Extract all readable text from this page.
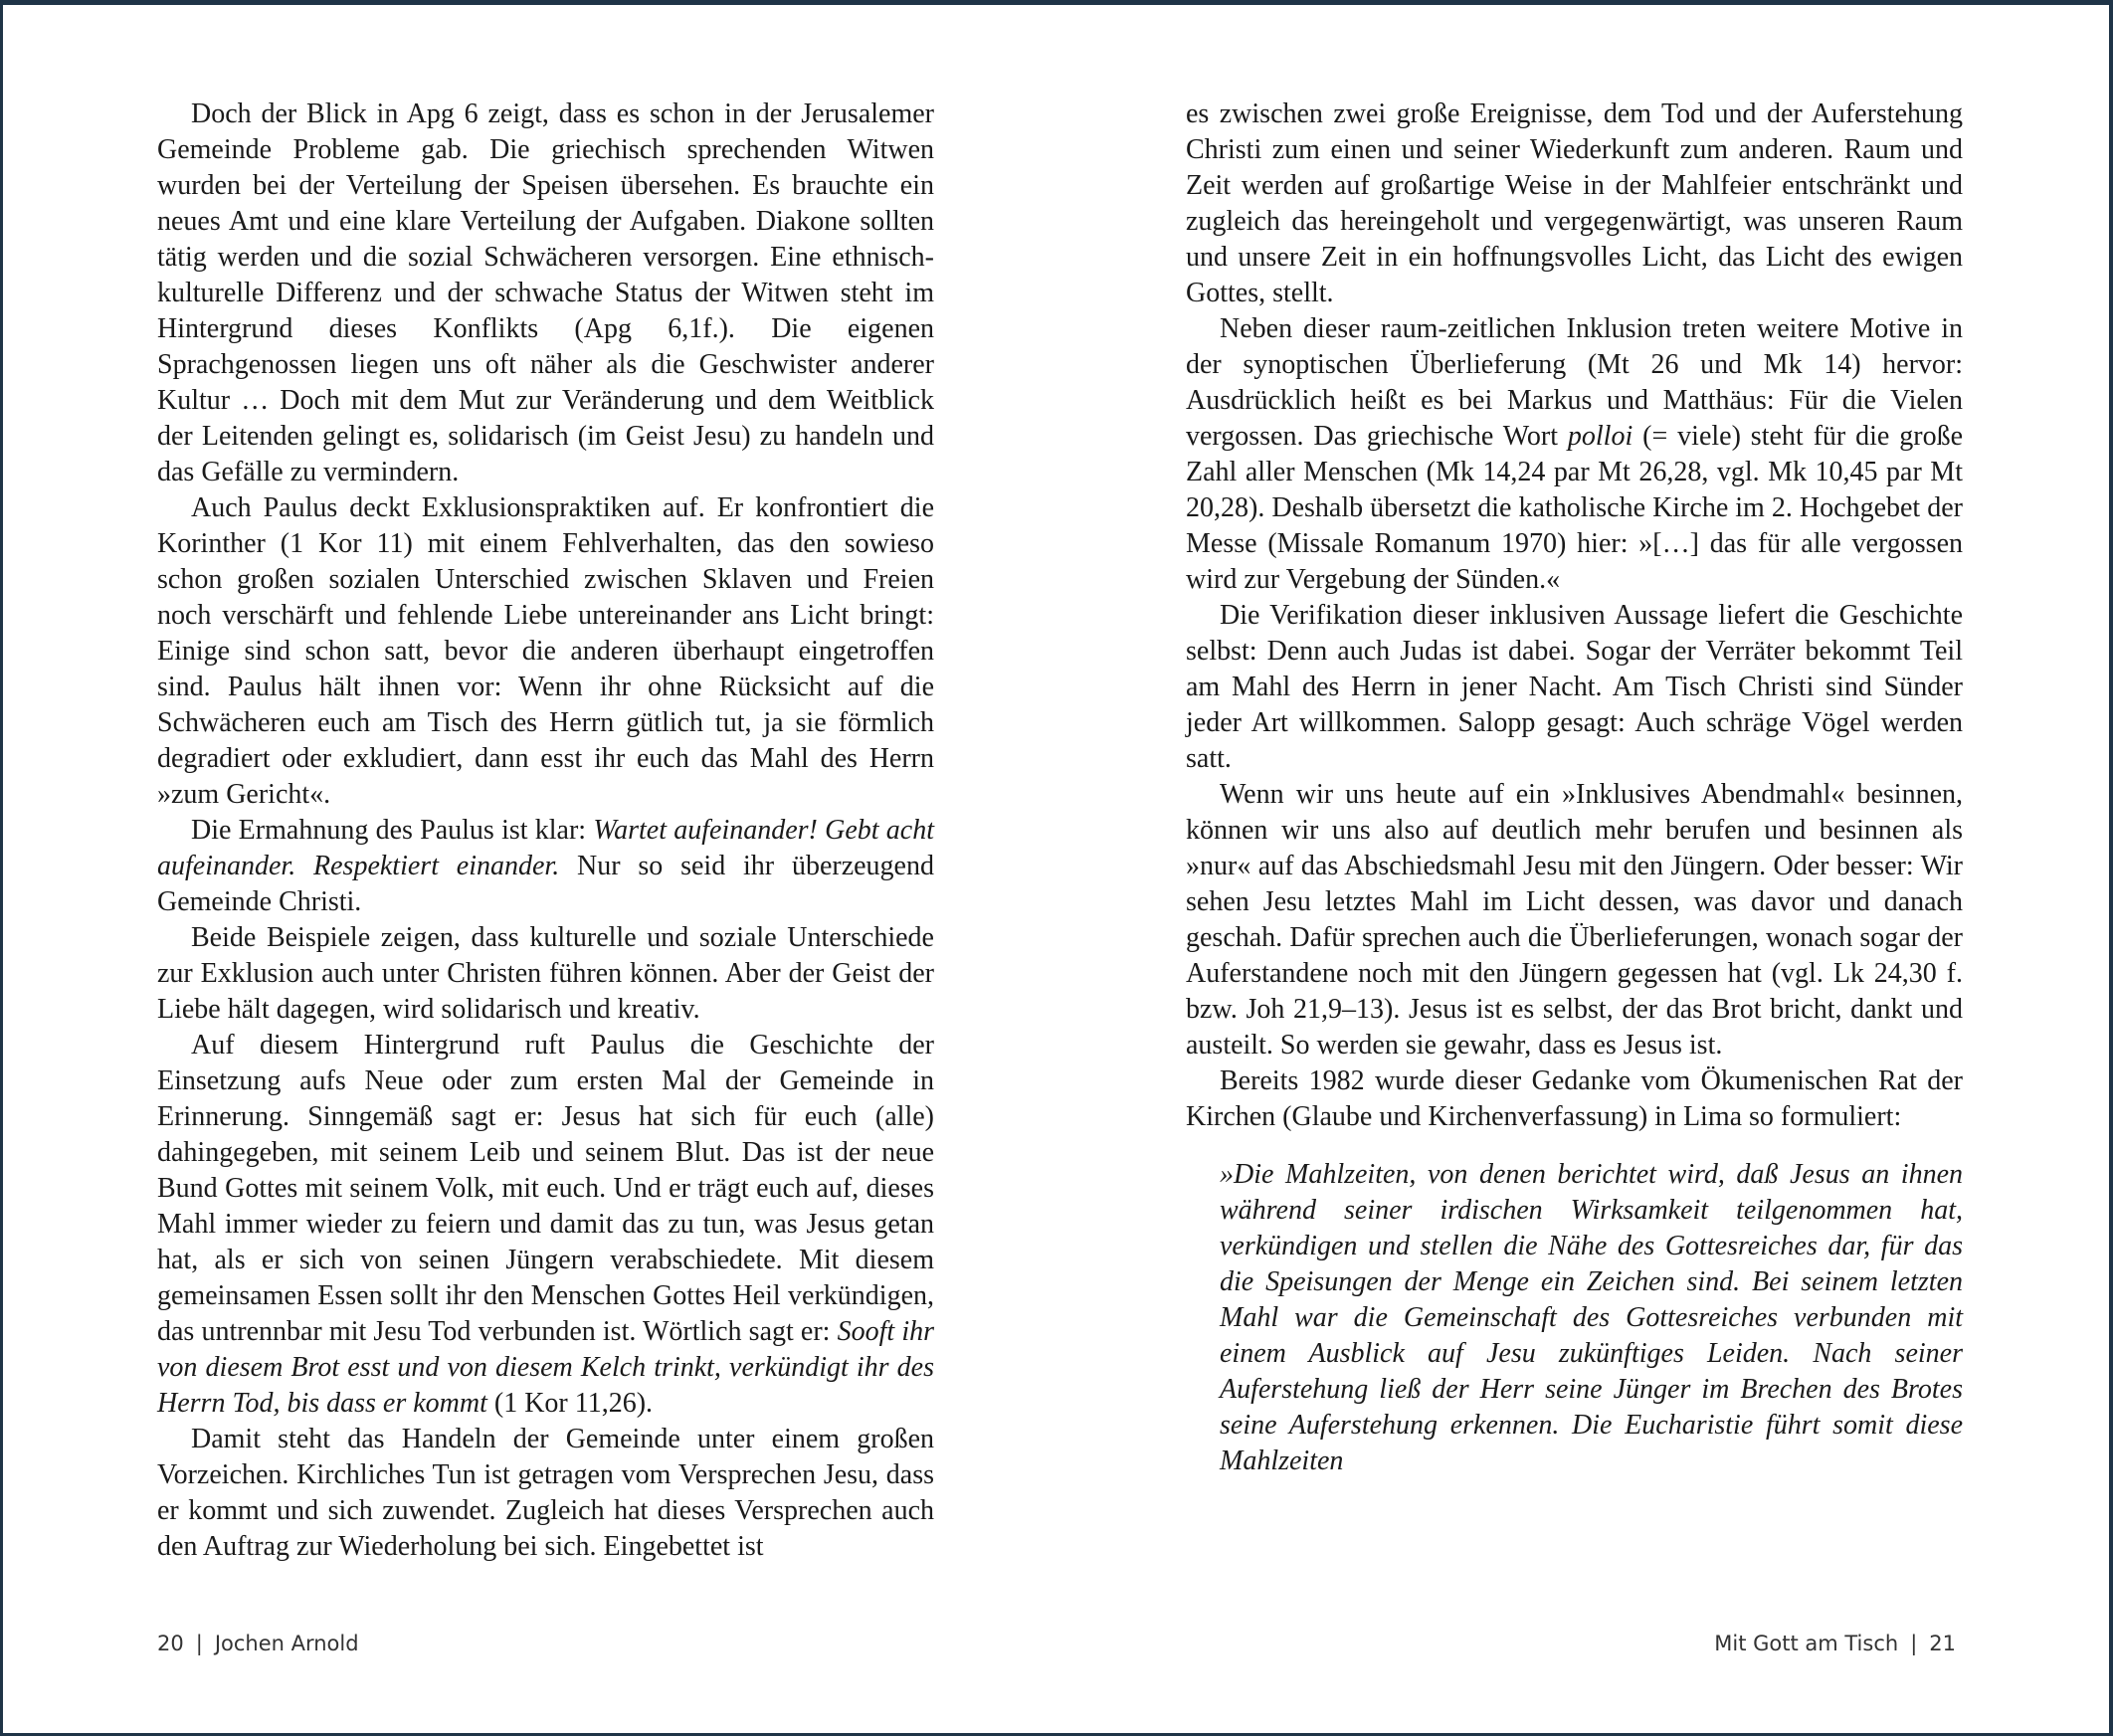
Doch der Blick in Apg 6 zeigt, dass es schon in der Jerusalemer Gemeinde Probleme gab. Die griechisch sprechenden Witwen wurden bei der Verteilung der Speisen übersehen. Es brauchte ein neues Amt und eine klare Verteilung der Aufgaben. Diakone sollten tätig werden und die sozial Schwächeren versorgen. Eine ethnisch-kulturelle Differenz und der schwache Status der Witwen steht im Hintergrund dieses Konflikts (Apg 6,1f.). Die eigenen Sprachgenossen liegen uns oft näher als die Geschwister anderer Kultur … Doch mit dem Mut zur Veränderung und dem Weitblick der Leitenden gelingt es, solidarisch (im Geist Jesu) zu handeln und das Gefälle zu vermindern.

Auch Paulus deckt Exklusionspraktiken auf. Er konfrontiert die Korinther (1 Kor 11) mit einem Fehlverhalten, das den sowieso schon großen sozialen Unterschied zwischen Sklaven und Freien noch verschärft und fehlende Liebe untereinander ans Licht bringt: Einige sind schon satt, bevor die anderen überhaupt eingetroffen sind. Paulus hält ihnen vor: Wenn ihr ohne Rücksicht auf die Schwächeren euch am Tisch des Herrn gütlich tut, ja sie förmlich degradiert oder exkludiert, dann esst ihr euch das Mahl des Herrn »zum Gericht«.

Die Ermahnung des Paulus ist klar: Wartet aufeinander! Gebt acht aufeinander. Respektiert einander. Nur so seid ihr überzeugend Gemeinde Christi.

Beide Beispiele zeigen, dass kulturelle und soziale Unterschiede zur Exklusion auch unter Christen führen können. Aber der Geist der Liebe hält dagegen, wird solidarisch und kreativ.

Auf diesem Hintergrund ruft Paulus die Geschichte der Einsetzung aufs Neue oder zum ersten Mal der Gemeinde in Erinnerung. Sinngemäß sagt er: Jesus hat sich für euch (alle) dahingegeben, mit seinem Leib und seinem Blut. Das ist der neue Bund Gottes mit seinem Volk, mit euch. Und er trägt euch auf, dieses Mahl immer wieder zu feiern und damit das zu tun, was Jesus getan hat, als er sich von seinen Jüngern verabschiedete. Mit diesem gemeinsamen Essen sollt ihr den Menschen Gottes Heil verkündigen, das untrennbar mit Jesu Tod verbunden ist. Wörtlich sagt er: Sooft ihr von diesem Brot esst und von diesem Kelch trinkt, verkündigt ihr des Herrn Tod, bis dass er kommt (1 Kor 11,26).

Damit steht das Handeln der Gemeinde unter einem großen Vorzeichen. Kirchliches Tun ist getragen vom Versprechen Jesu, dass er kommt und sich zuwendet. Zugleich hat dieses Versprechen auch den Auftrag zur Wiederholung bei sich. Eingebettet ist

es zwischen zwei große Ereignisse, dem Tod und der Auferstehung Christi zum einen und seiner Wiederkunft zum anderen. Raum und Zeit werden auf großartige Weise in der Mahlfeier entschränkt und zugleich das hereingeholt und vergegenwärtigt, was unseren Raum und unsere Zeit in ein hoffnungsvolles Licht, das Licht des ewigen Gottes, stellt.

Neben dieser raum-zeitlichen Inklusion treten weitere Motive in der synoptischen Überlieferung (Mt 26 und Mk 14) hervor: Ausdrücklich heißt es bei Markus und Matthäus: Für die Vielen vergossen. Das griechische Wort polloi (= viele) steht für die große Zahl aller Menschen (Mk 14,24 par Mt 26,28, vgl. Mk 10,45 par Mt 20,28). Deshalb übersetzt die katholische Kirche im 2. Hochgebet der Messe (Missale Romanum 1970) hier: »[…] das für alle vergossen wird zur Vergebung der Sünden.«

Die Verifikation dieser inklusiven Aussage liefert die Geschichte selbst: Denn auch Judas ist dabei. Sogar der Verräter bekommt Teil am Mahl des Herrn in jener Nacht. Am Tisch Christi sind Sünder jeder Art willkommen. Salopp gesagt: Auch schräge Vögel werden satt.

Wenn wir uns heute auf ein »Inklusives Abendmahl« besinnen, können wir uns also auf deutlich mehr berufen und besinnen als »nur« auf das Abschiedsmahl Jesu mit den Jüngern. Oder besser: Wir sehen Jesu letztes Mahl im Licht dessen, was davor und danach geschah. Dafür sprechen auch die Überlieferungen, wonach sogar der Auferstandene noch mit den Jüngern gegessen hat (vgl. Lk 24,30 f. bzw. Joh 21,9–13). Jesus ist es selbst, der das Brot bricht, dankt und austeilt. So werden sie gewahr, dass es Jesus ist.

Bereits 1982 wurde dieser Gedanke vom Ökumenischen Rat der Kirchen (Glaube und Kirchenverfassung) in Lima so formuliert:

»Die Mahlzeiten, von denen berichtet wird, daß Jesus an ihnen während seiner irdischen Wirksamkeit teilgenommen hat, verkündigen und stellen die Nähe des Gottesreiches dar, für das die Speisungen der Menge ein Zeichen sind. Bei seinem letzten Mahl war die Gemeinschaft des Gottesreiches verbunden mit einem Ausblick auf Jesu zukünftiges Leiden. Nach seiner Auferstehung ließ der Herr seine Jünger im Brechen des Brotes seine Auferstehung erkennen. Die Eucharistie führt somit diese Mahlzeiten

20 | Jochen Arnold	Mit Gott am Tisch | 21
